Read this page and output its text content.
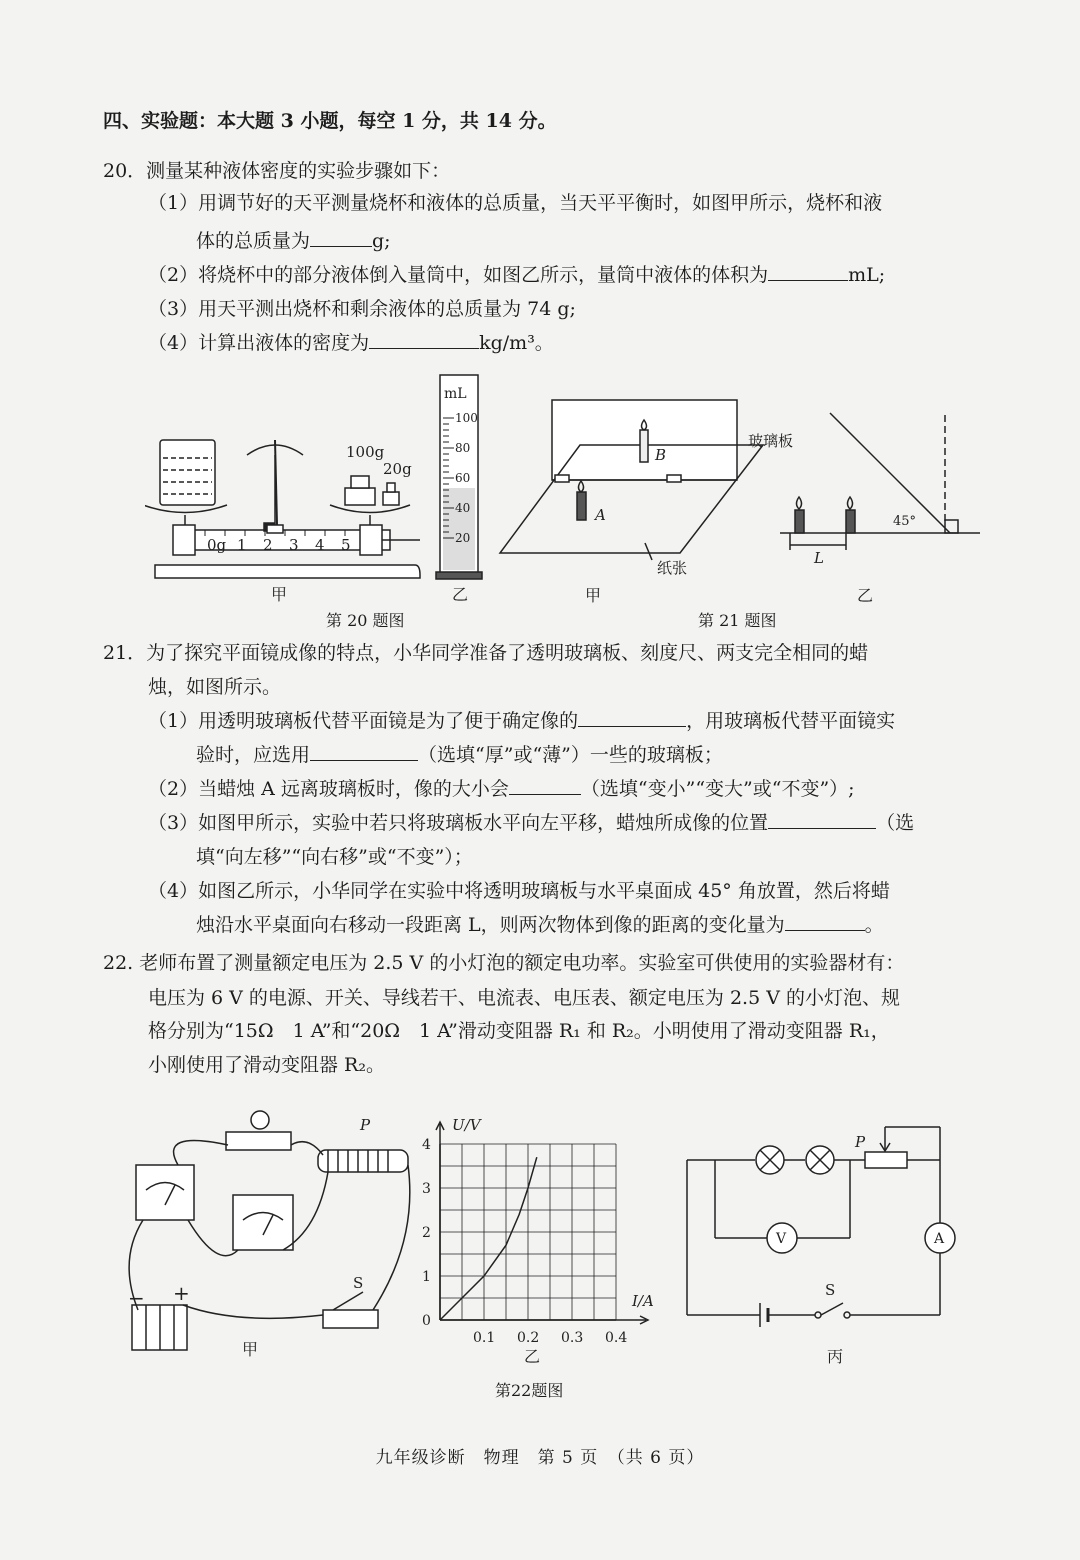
四、实验题：本大题 3 小题，每空 1 分，共 14 分。
20．测量某种液体密度的实验步骤如下：
（1）用调节好的天平测量烧杯和液体的总质量，当天平平衡时，如图甲所示，烧杯和液
体的总质量为	g;
（2）将烧杯中的部分液体倒入量筒中，如图乙所示，量筒中液体的体积为	mL;
（3）用天平测出烧杯和剩余液体的总质量为 74 g;
（4）计算出液体的密度为	kg/m³。
100g
20g
0g 1 2 3 4 5
甲
mL
100
80
60
40
20
乙
第 20 题图
B
A
纸张
甲
玻璃板
45°
L
乙
第 21 题图
21．为了探究平面镜成像的特点，小华同学准备了透明玻璃板、刻度尺、两支完全相同的蜡
烛，如图所示。
（1）用透明玻璃板代替平面镜是为了便于确定像的	，用玻璃板代替平面镜实
验时，应选用	（选填“厚”或“薄”）一些的玻璃板；
（2）当蜡烛 A 远离玻璃板时，像的大小会	（选填“变小”“变大”或“不变”）;
（3）如图甲所示，实验中若只将玻璃板水平向左平移，蜡烛所成像的位置	（选
填“向左移”“向右移”或“不变”）；
（4）如图乙所示，小华同学在实验中将透明玻璃板与水平桌面成 45° 角放置，然后将蜡
烛沿水平桌面向右移动一段距离 L，则两次物体到像的距离的变化量为	。
22. 老师布置了测量额定电压为 2.5 V 的小灯泡的额定电功率。实验室可供使用的实验器材有：
电压为 6 V 的电源、开关、导线若干、电流表、电压表、额定电压为 2.5 V 的小灯泡、规
格分别为“15Ω　1 A”和“20Ω　1 A”滑动变阻器 R₁ 和 R₂。小明使用了滑动变阻器 R₁，
小刚使用了滑动变阻器 R₂。
− +
P
S
甲
0.1 0.2 0.3 0.4
0
1
2
3
4
U/V
I/A
乙
P
V	A
S
丙
第22题图
九年级诊断　物理　第 5 页　（共 6 页）
